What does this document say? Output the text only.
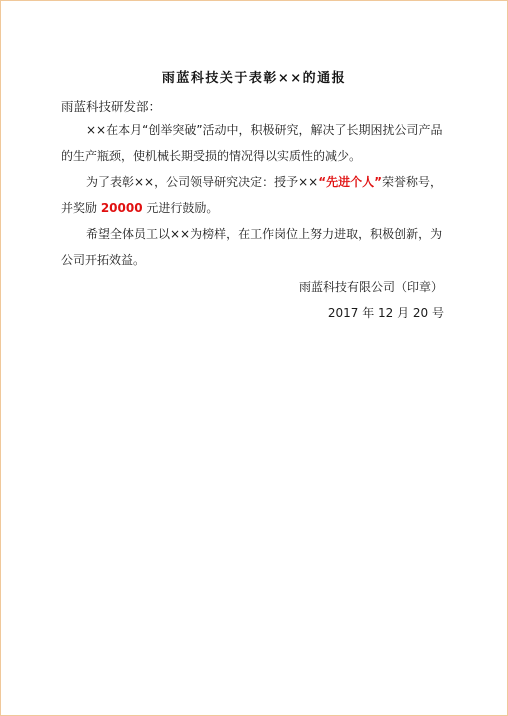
雨蓝科技关于表彰××的通报
雨蓝科技研发部：

××在本月“创举突破”活动中，积极研究，解决了长期困扰公司产品的生产瓶颈，使机械长期受损的情况得以实质性的减少。

为了表彰××，公司领导研究决定：授予××“先进个人”荣誉称号，并奖励 20000 元进行鼓励。

希望全体员工以××为榜样，在工作岗位上努力进取，积极创新，为公司开拓效益。

雨蓝科技有限公司（印章）
2017 年 12 月 20 号
